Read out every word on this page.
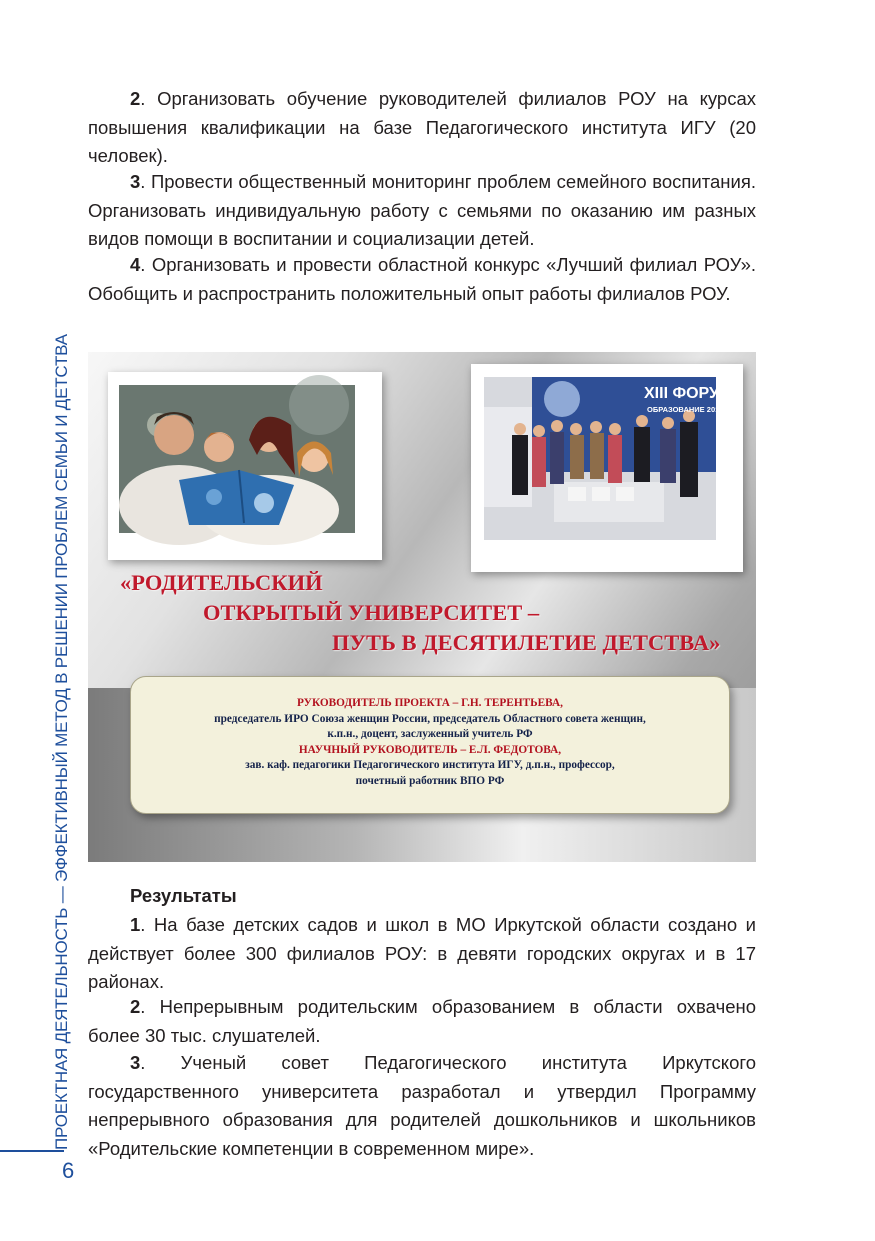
2. Организовать обучение руководителей филиалов РОУ на курсах повышения квалификации на базе Педагогического института ИГУ (20 человек).

3. Провести общественный мониторинг проблем семейного воспитания. Организовать индивидуальную работу с семьями по оказанию им разных видов помощи в воспитании и социализации детей.

4. Организовать и провести областной конкурс «Лучший филиал РОУ». Обобщить и распространить положительный опыт работы филиалов РОУ.

XIII ФОРУМ
ОБРАЗОВАНИЕ 2017
«РОДИТЕЛЬСКИЙ
ОТКРЫТЫЙ УНИВЕРСИТЕТ –
ПУТЬ В ДЕСЯТИЛЕТИЕ ДЕТСТВА»
РУКОВОДИТЕЛЬ ПРОЕКТА – Г.Н. ТЕРЕНТЬЕВА,
председатель ИРО Союза женщин России, председатель Областного совета женщин,
к.п.н., доцент, заслуженный учитель РФ
НАУЧНЫЙ РУКОВОДИТЕЛЬ – Е.Л. ФЕДОТОВА,
зав. каф. педагогики Педагогического института ИГУ, д.п.н., профессор,
почетный работник ВПО РФ
Результаты

1. На базе детских садов и школ в МО Иркутской области создано и действует более 300 филиалов РОУ: в девяти городских округах и в 17 районах.

2. Непрерывным родительским образованием в области охвачено более 30 тыс. слушателей.

3. Ученый совет Педагогического института Иркутского государственного университета разработал и утвердил Программу непрерывного образования для родителей дошкольников и школьников «Родительские компетенции в современном мире».

ПРОЕКТНАЯ ДЕЯТЕЛЬНОСТЬ — ЭФФЕКТИВНЫЙ МЕТОД В РЕШЕНИИ ПРОБЛЕМ СЕМЬИ И ДЕТСТВА
6
